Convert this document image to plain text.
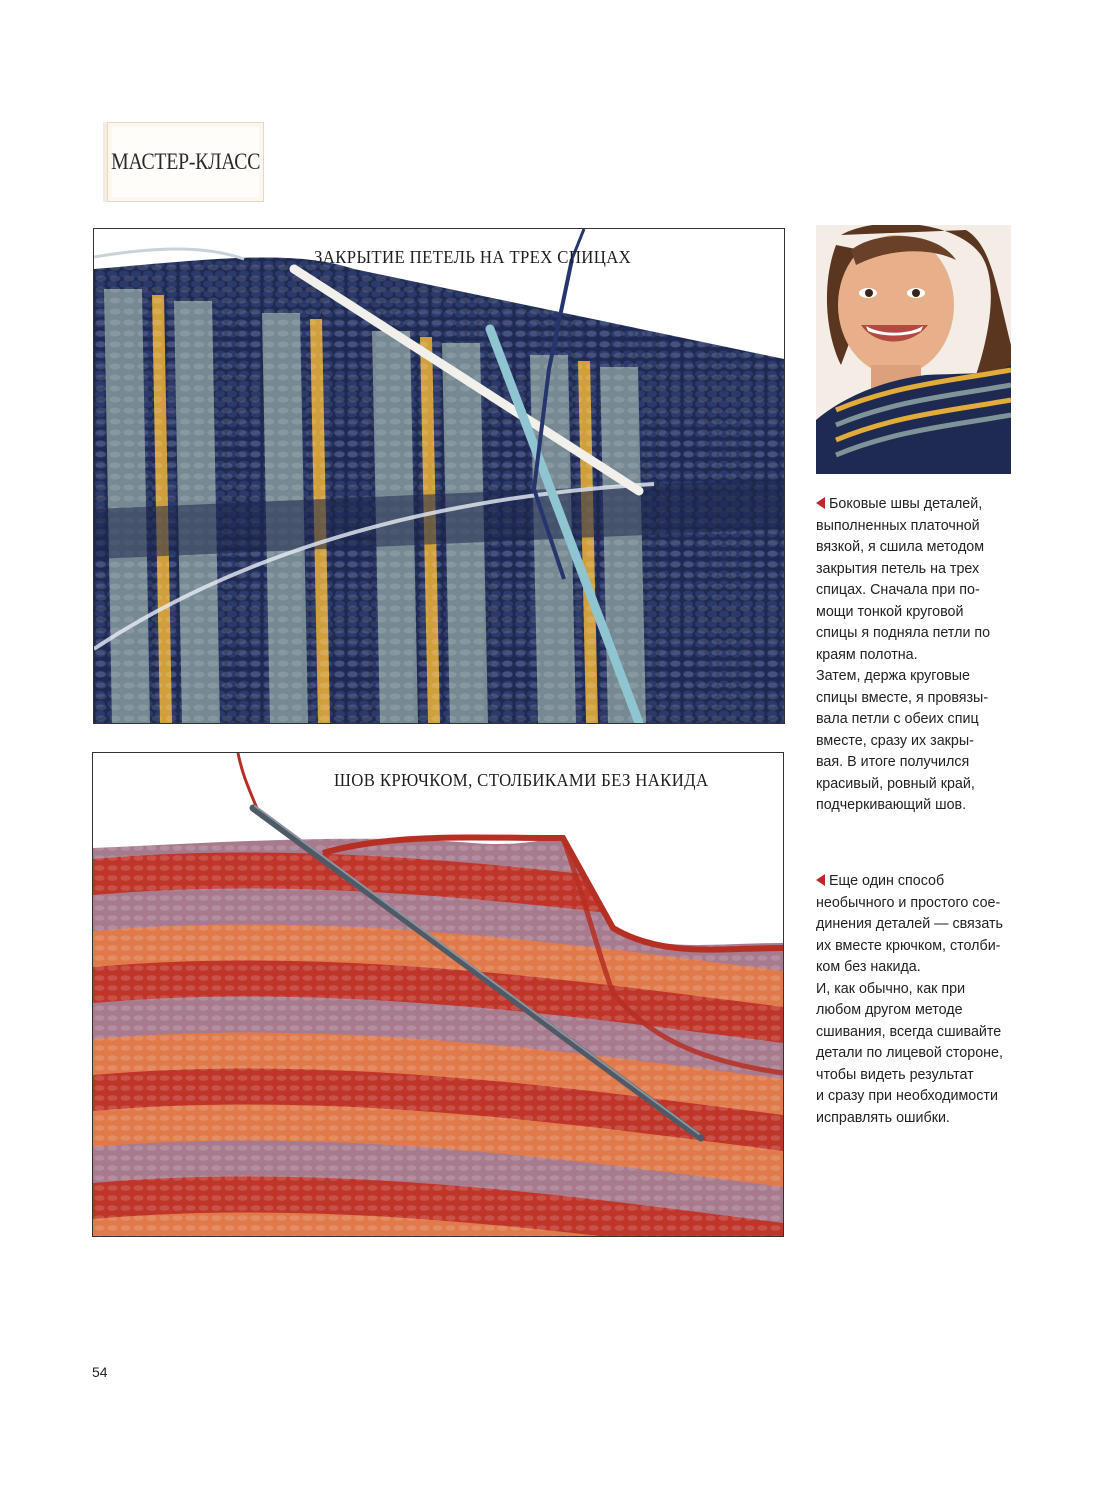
МАСТЕР-КЛАСС
ЗАКРЫТИЕ ПЕТЕЛЬ НА ТРЕХ СПИЦАХ
ШОВ КРЮЧКОМ, СТОЛБИКАМИ БЕЗ НАКИДА

Боковые швы деталей,
выполненных платочной
вязкой, я сшила методом
закрытия петель на трех
спицах. Сначала при по-
мощи тонкой круговой
спицы я подняла петли по
краям полотна.
Затем, держа круговые
спицы вместе, я провязы-
вала петли с обеих спиц
вместе, сразу их закры-
вая. В итоге получился
красивый, ровный край,
подчеркивающий шов.

Еще один способ
необычного и простого сое-
динения деталей — связать
их вместе крючком, столби-
ком без накида.
И, как обычно, как при
любом другом методе
сшивания, всегда сшивайте
детали по лицевой стороне,
чтобы видеть результат
и сразу при необходимости
исправлять ошибки.

54
